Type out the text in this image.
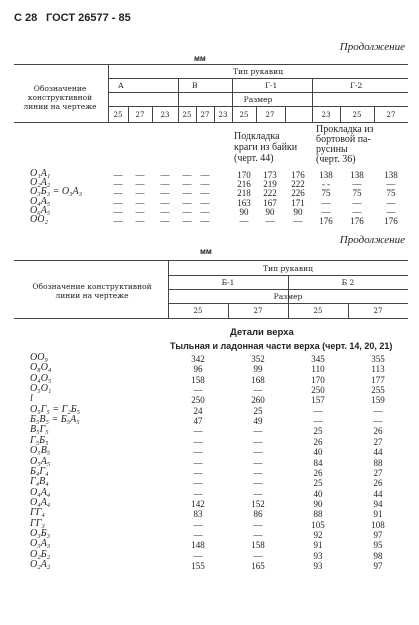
С 28 ГОСТ 26577 - 85
Продолжение
мм
Обозначение конструктивной линии на чертеже
Тип рукавиц
А	В	Г-1	Г-2
Размер
25	27	23	25	27	23	25	27	23	25	27
Подкладка
краги из байки
(черт. 44)
Прокладка из
бортовой па-
русины
(черт. 36)
O₁A₁	—	—	—	—	—	170	173	176	138	138	138
O₂A₂	—	—	—	—	—	216	219	222	- -	—	—
O₃Б₃ = O₃A₃	—	—	—	—	—	218	222	226	75	75	75
O₄A₅	—	—	—	—	—	163	167	171	—	—	—
O₆A₅	—	—	—	—	—	90	90	90	—	—	—
OO₂	—	—	—	—	—	—	—	—	176	176	176
Продолжение
мм
Обозначение конструктивной линии на чертеже
Тип рукавиц
Б-1	Б 2
Размер
25	27	25	27
Детали верха
Тыльная и ладонная части верха (черт. 14, 20, 21)
OO₉	342	352	345	355
O₈O₄	96	99	110	113
O₄O₅	158	168	170	177
O₅O₁	—	—	250	255
l	250	260	157	159
O₅Г₅ = Г₂Б₅	24	25	—	—
Б₅В₅ = Б₅A₅	47	49	—	—
B₅Г₅	—	—	25	26
Г₅Б₅	—	—	26	27
O₅B₅	—	—	40	44
O₅A₅	—	—	84	88
Б₄Г₄	—	—	26	27
Г₄B₄	—	—	25	26
O₄A₄	—	—	40	44
O₄A₄	142	152	90	94
ГГ₄	83	86	88	91
ГГ₃	—	—	105	108
O₃Б₃	—	—	92	97
O₃A₃	148	158	91	95
O₂Б₂	—	—	93	98
O₂A₂	155	165	93	97
